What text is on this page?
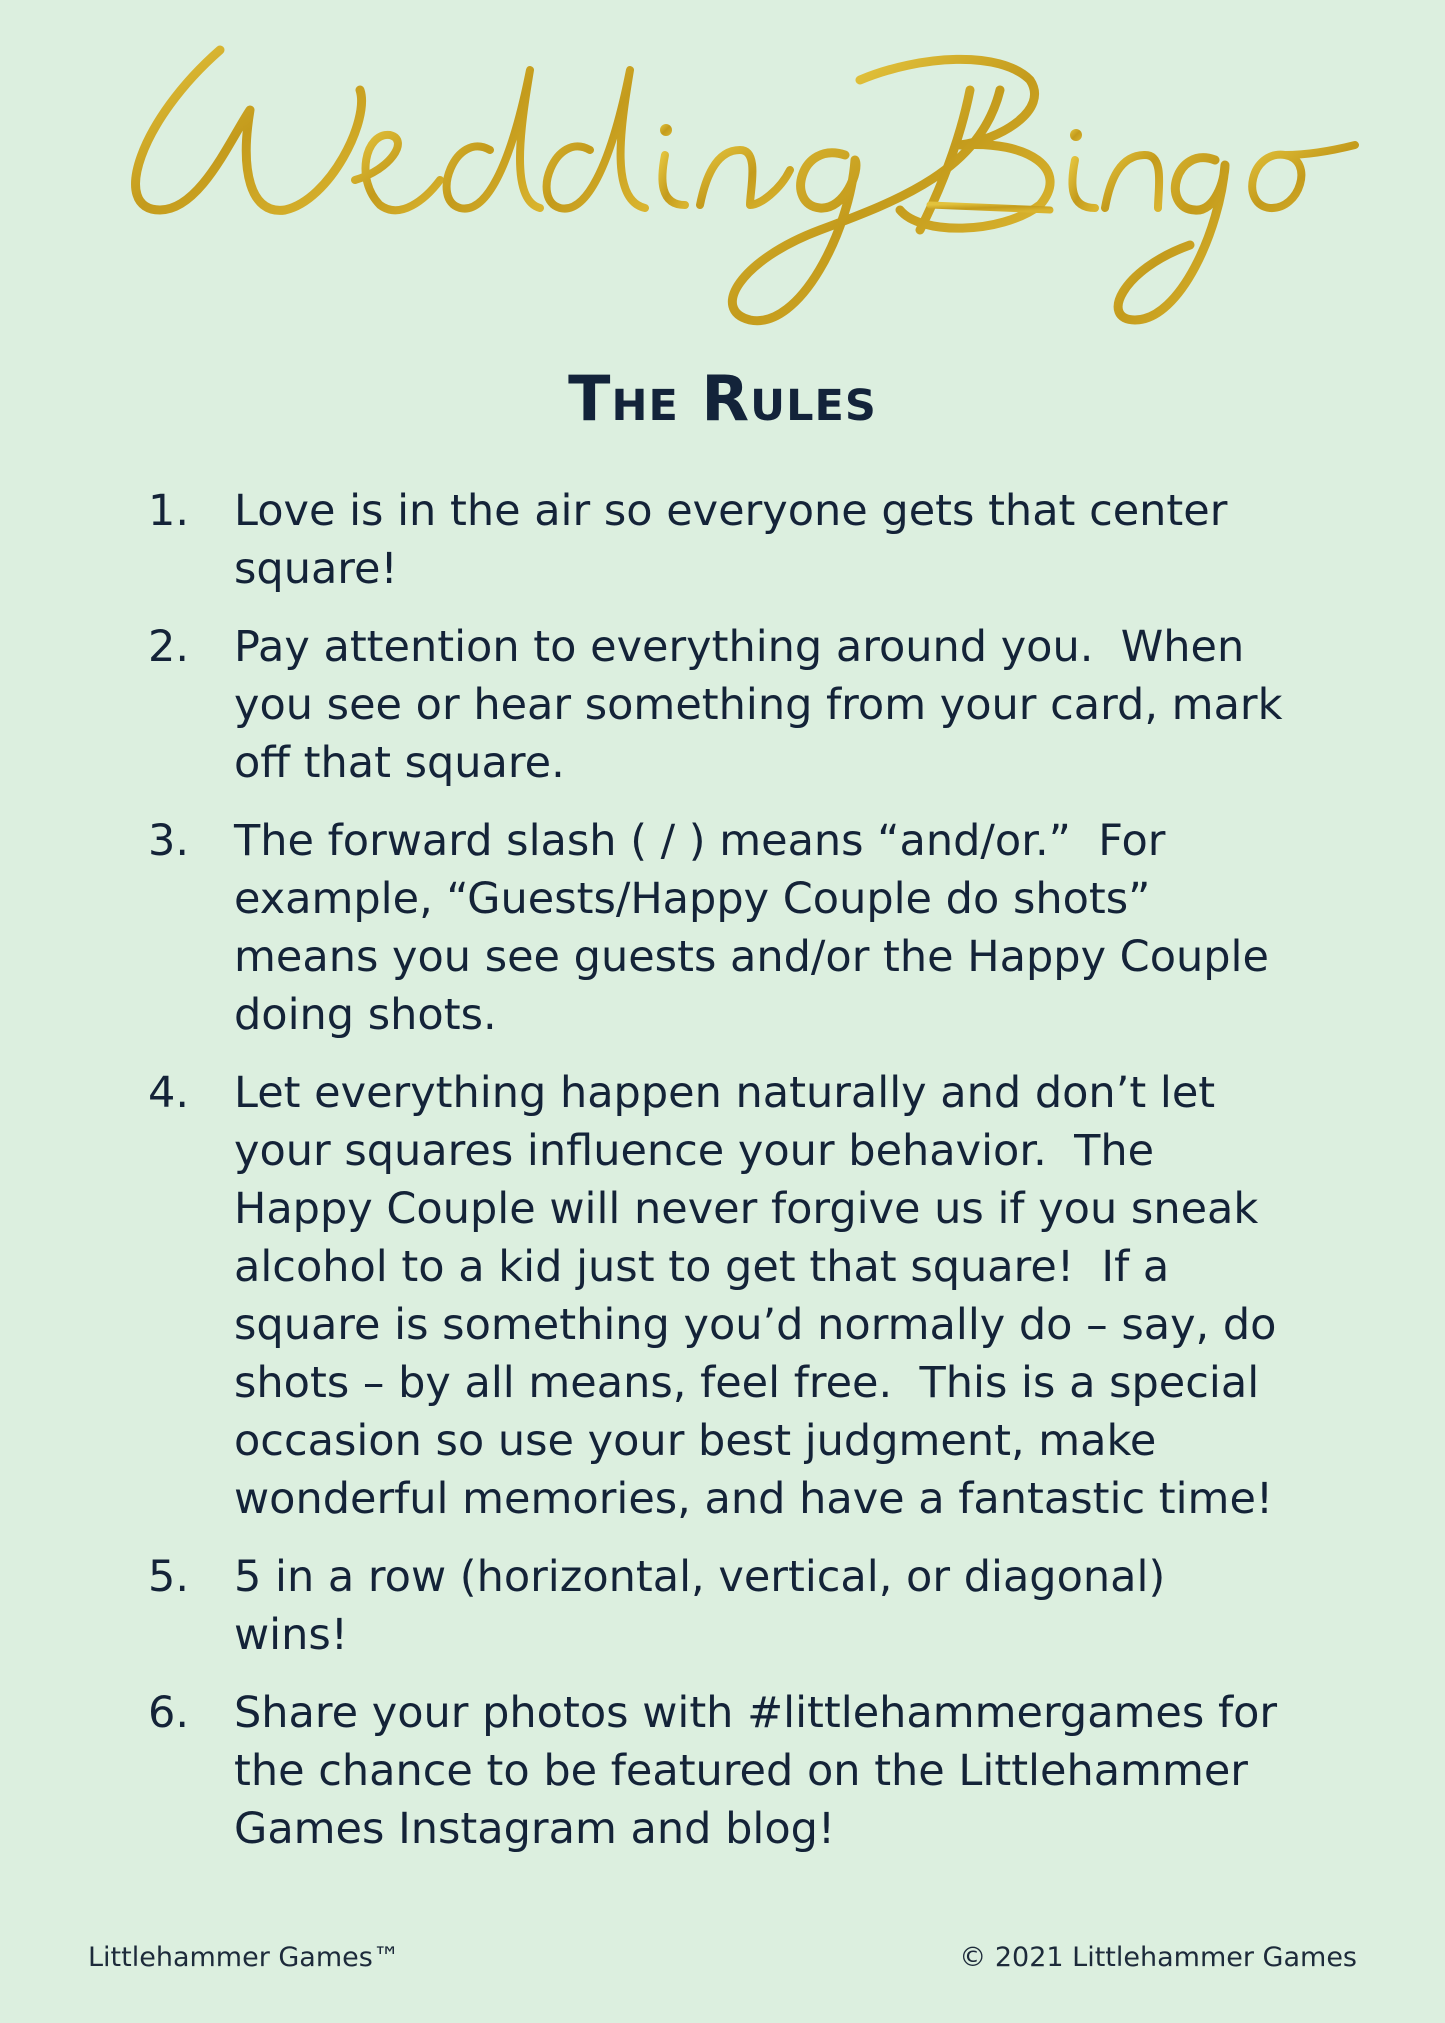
The Rules
1.	Love is in the air so everyone gets that center
square!
2.	Pay attention to everything around you.  When
you see or hear something from your card, mark
off that square.
3.	The forward slash ( / ) means “and/or.”  For
example, “Guests/Happy Couple do shots”
means you see guests and/or the Happy Couple
doing shots.
4.	Let everything happen naturally and don’t let
your squares influence your behavior.  The
Happy Couple will never forgive us if you sneak
alcohol to a kid just to get that square!  If a
square is something you’d normally do – say, do
shots – by all means, feel free.  This is a special
occasion so use your best judgment, make
wonderful memories, and have a fantastic time!
5.	5 in a row (horizontal, vertical, or diagonal)
wins!
6.	Share your photos with #littlehammergames for
the chance to be featured on the Littlehammer
Games Instagram and blog!
Littlehammer Games™	© 2021 Littlehammer Games
